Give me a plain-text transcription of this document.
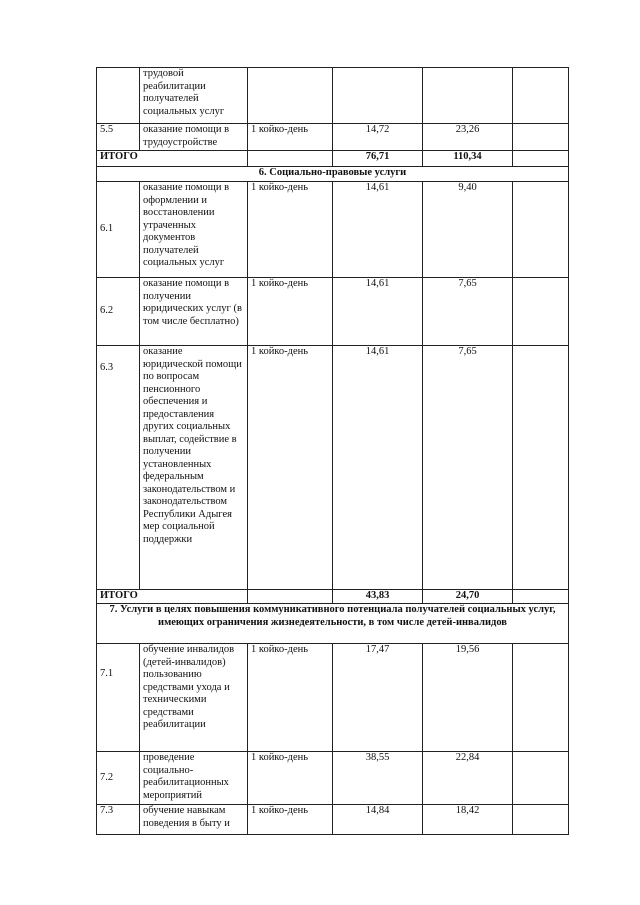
	трудовой реабилитации получателей социальных услуг				

5.5	оказание помощи в трудоустройстве	1 койко-день	14,72	23,26	
ИТОГО			76,71	110,34	
6. Социально-правовые услуги					
6.1	оказание помощи в оформлении и восстановлении утраченных документов получателей социальных услуг	1 койко-день	14,61	9,40	
6.2	оказание помощи в получении юридических услуг (в том числе бесплатно)	1 койко-день	14,61	7,65	
6.3	оказание юридической помощи по вопросам пенсионного обеспечения и предоставления других социальных выплат, содействие в получении установленных федеральным законодательством и законодательством Республики Адыгея мер социальной поддержки	1 койко-день	14,61	7,65	
ИТОГО			43,83	24,70	
7. Услуги в целях повышения коммуникативного потенциала получателей социальных услуг, имеющих ограничения жизнедеятельности, в том числе детей-инвалидов					
7.1	обучение инвалидов (детей-инвалидов) пользованию средствами ухода и техническими средствами реабилитации	1 койко-день	17,47	19,56	
7.2	проведение социально-реабилитационных мероприятий	1 койко-день	38,55	22,84	
7.3	обучение навыкам поведения в быту и	1 койко-день	14,84	18,42	
